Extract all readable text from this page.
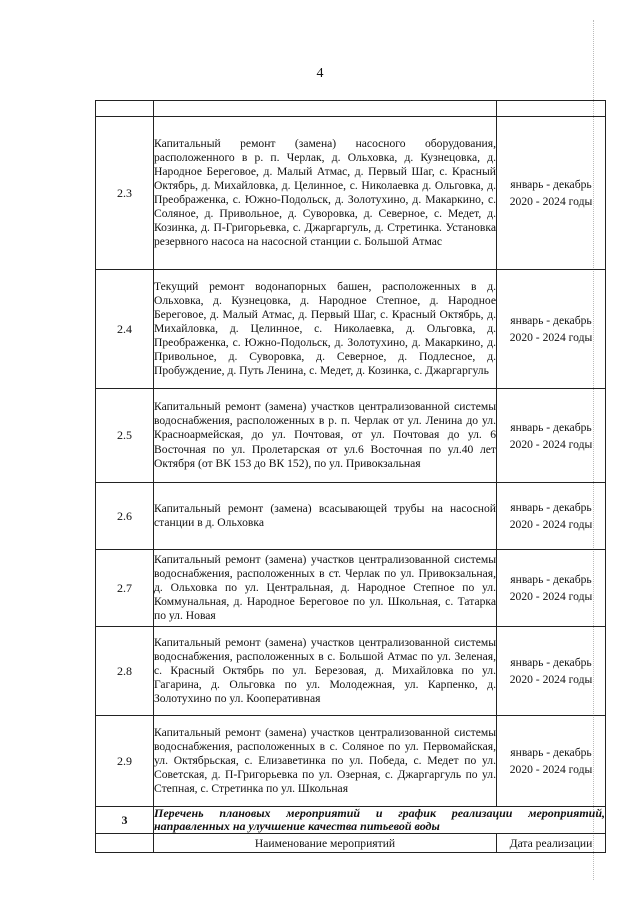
4

2.3	Капитальный ремонт (замена) насосного оборудования, расположенного в р. п. Черлак, д. Ольховка, д. Кузнецовка, д. Народное Береговое, д. Малый Атмас, д. Первый Шаг, с. Красный Октябрь, д. Михайловка, д. Целинное, с. Николаевка д. Ольговка, д. Преображенка, с. Южно-Подольск, д. Золотухино, д. Макаркино, с. Соляное, д. Привольное, д. Суворовка, д. Северное, с. Медет, д. Козинка, д. П-Григорьевка, с. Джаргаргуль, д. Стретинка. Установка резервного насоса на насосной станции с. Большой Атмас	январь - декабрь
2020 - 2024 годы

2.4	Текущий ремонт водонапорных башен, расположенных в д. Ольховка, д. Кузнецовка, д. Народное Степное, д. Народное Береговое, д. Малый Атмас, д. Первый Шаг, с. Красный Октябрь, д. Михайловка, д. Целинное, с. Николаевка, д. Ольговка, д. Преображенка, с. Южно-Подольск, д. Золотухино, д. Макаркино, д. Привольное, д. Суворовка, д. Северное, д. Подлесное, д. Пробуждение, д. Путь Ленина, с. Медет, д. Козинка, с. Джаргаргуль	январь - декабрь
2020 - 2024 годы

2.5	Капитальный ремонт (замена) участков централизованной системы водоснабжения, расположенных в р. п. Черлак от ул. Ленина до ул. Красноармейская, до ул. Почтовая, от ул. Почтовая до ул. 6 Восточная по ул. Пролетарская от ул.6 Восточная по ул.40 лет Октября (от ВК 153 до ВК 152), по ул. Привокзальная	январь - декабрь
2020 - 2024 годы

2.6	Капитальный ремонт (замена) всасывающей трубы на насосной станции в д. Ольховка	январь - декабрь
2020 - 2024 годы

2.7	Капитальный ремонт (замена) участков централизованной системы водоснабжения, расположенных в ст. Черлак по ул. Привокзальная, д. Ольховка по ул. Центральная, д. Народное Степное по ул. Коммунальная, д. Народное Береговое по ул. Школьная, с. Татарка по ул. Новая	январь - декабрь
2020 - 2024 годы

2.8	Капитальный ремонт (замена) участков централизованной системы водоснабжения, расположенных в с. Большой Атмас по ул. Зеленая, с. Красный Октябрь по ул. Березовая, д. Михайловка по ул. Гагарина, д. Ольговка по ул. Молодежная, ул. Карпенко, д. Золотухино по ул. Кооперативная	январь - декабрь
2020 - 2024 годы

2.9	Капитальный ремонт (замена) участков централизованной системы водоснабжения, расположенных в с. Соляное по ул. Первомайская, ул. Октябрьская, с. Елизаветинка по ул. Победа, с. Медет по ул. Советская, д. П-Григорьевка по ул. Озерная, с. Джаргаргуль по ул. Степная, с. Стретинка по ул. Школьная	январь - декабрь
2020 - 2024 годы

3	Перечень плановых мероприятий и график реализации мероприятий, направленных на улучшение качества питьевой воды	
	Наименование мероприятий	Дата реализации
